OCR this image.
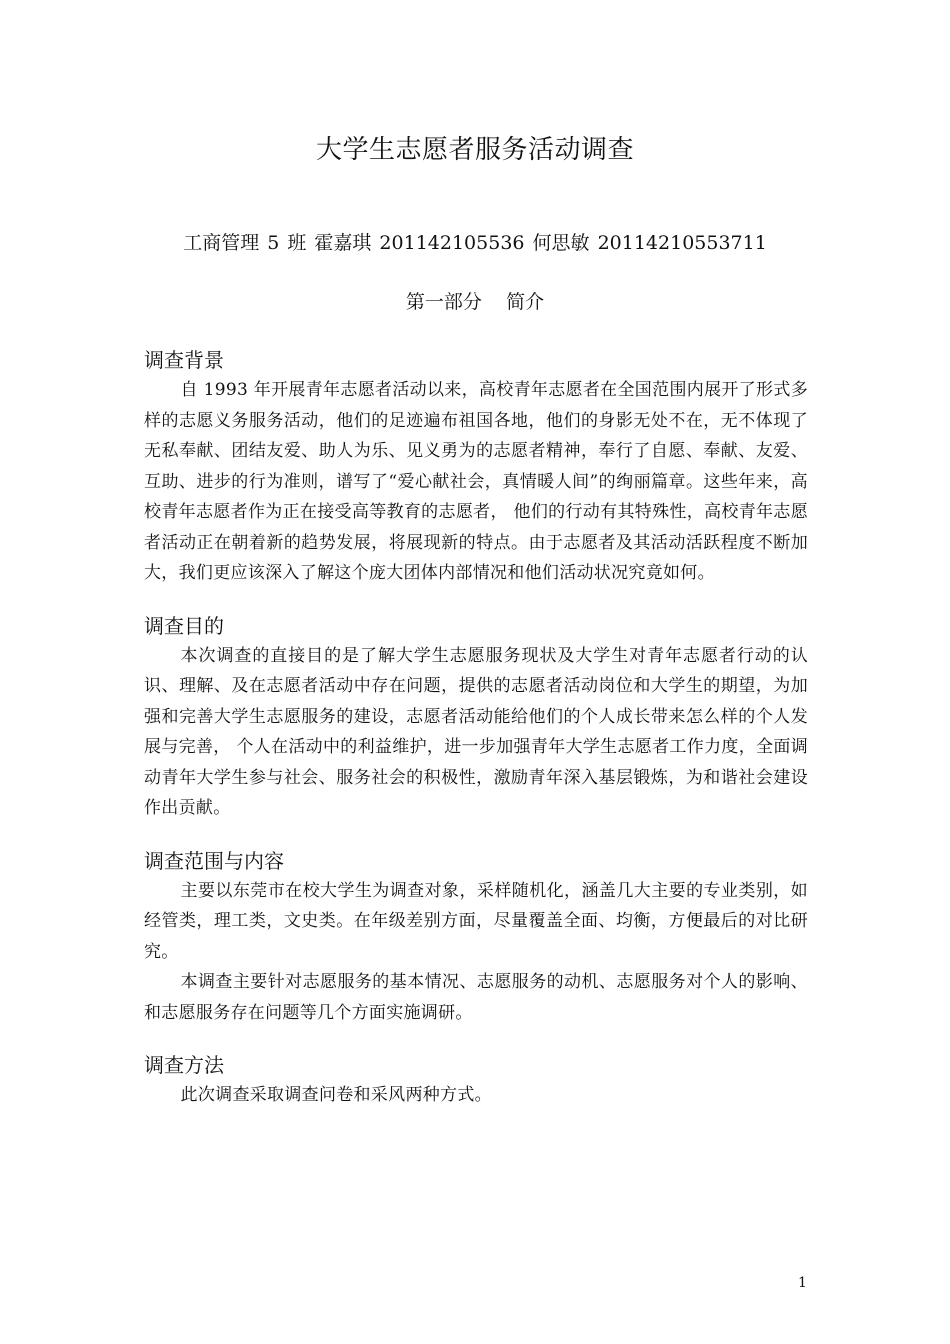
大学生志愿者服务活动调查
工商管理 5 班 霍嘉琪 201142105536 何思敏 20114210553711
第一部分    简介
调查背景

自 1993 年开展青年志愿者活动以来，高校青年志愿者在全国范围内展开了形式多样的志愿义务服务活动，他们的足迹遍布祖国各地，他们的身影无处不在，无不体现了无私奉献、团结友爱、助人为乐、见义勇为的志愿者精神，奉行了自愿、奉献、友爱、互助、进步的行为准则，谱写了“爱心献社会，真情暖人间”的绚丽篇章。这些年来，高校青年志愿者作为正在接受高等教育的志愿者， 他们的行动有其特殊性，高校青年志愿者活动正在朝着新的趋势发展，将展现新的特点。由于志愿者及其活动活跃程度不断加大，我们更应该深入了解这个庞大团体内部情况和他们活动状况究竟如何。

调查目的

本次调查的直接目的是了解大学生志愿服务现状及大学生对青年志愿者行动的认识、理解、及在志愿者活动中存在问题，提供的志愿者活动岗位和大学生的期望，为加强和完善大学生志愿服务的建设，志愿者活动能给他们的个人成长带来怎么样的个人发展与完善， 个人在活动中的利益维护，进一步加强青年大学生志愿者工作力度，全面调动青年大学生参与社会、服务社会的积极性，激励青年深入基层锻炼，为和谐社会建设作出贡献。

调查范围与内容

主要以东莞市在校大学生为调查对象，采样随机化，涵盖几大主要的专业类别，如经管类，理工类，文史类。在年级差别方面，尽量覆盖全面、均衡，方便最后的对比研究。

本调查主要针对志愿服务的基本情况、志愿服务的动机、志愿服务对个人的影响、和志愿服务存在问题等几个方面实施调研。

调查方法

此次调查采取调查问卷和采风两种方式。

1
